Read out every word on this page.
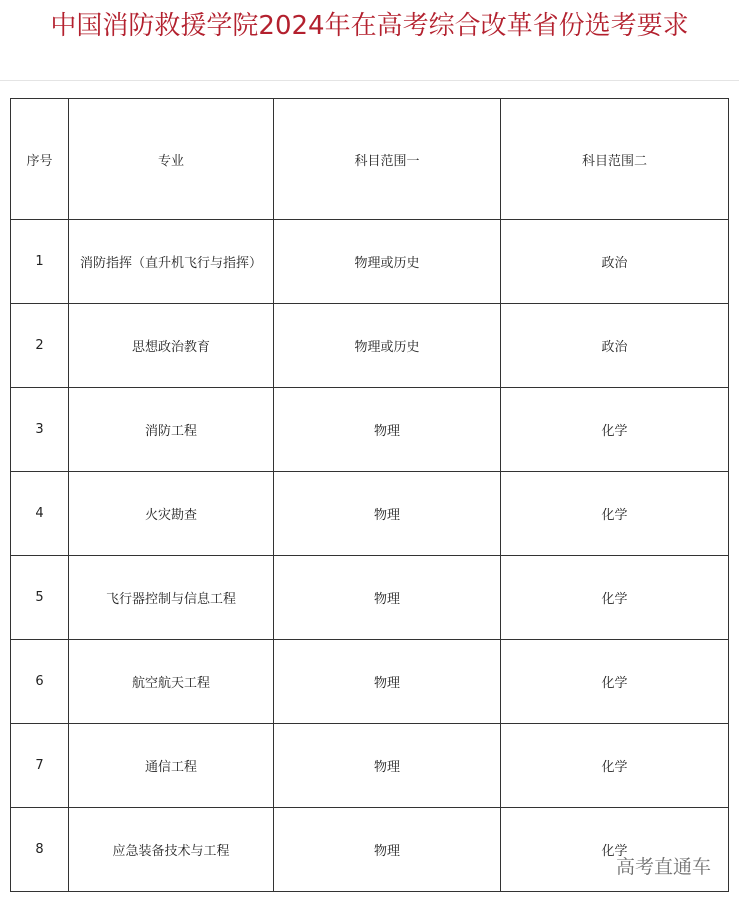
中国消防救援学院2024年在高考综合改革省份选考要求
序号	专业	科目范围一	科目范围二
1	消防指挥（直升机飞行与指挥）	物理或历史	政治
2	思想政治教育	物理或历史	政治
3	消防工程	物理	化学
4	火灾勘查	物理	化学
5	飞行器控制与信息工程	物理	化学
6	航空航天工程	物理	化学
7	通信工程	物理	化学
8	应急装备技术与工程	物理	化学
高考直通车
